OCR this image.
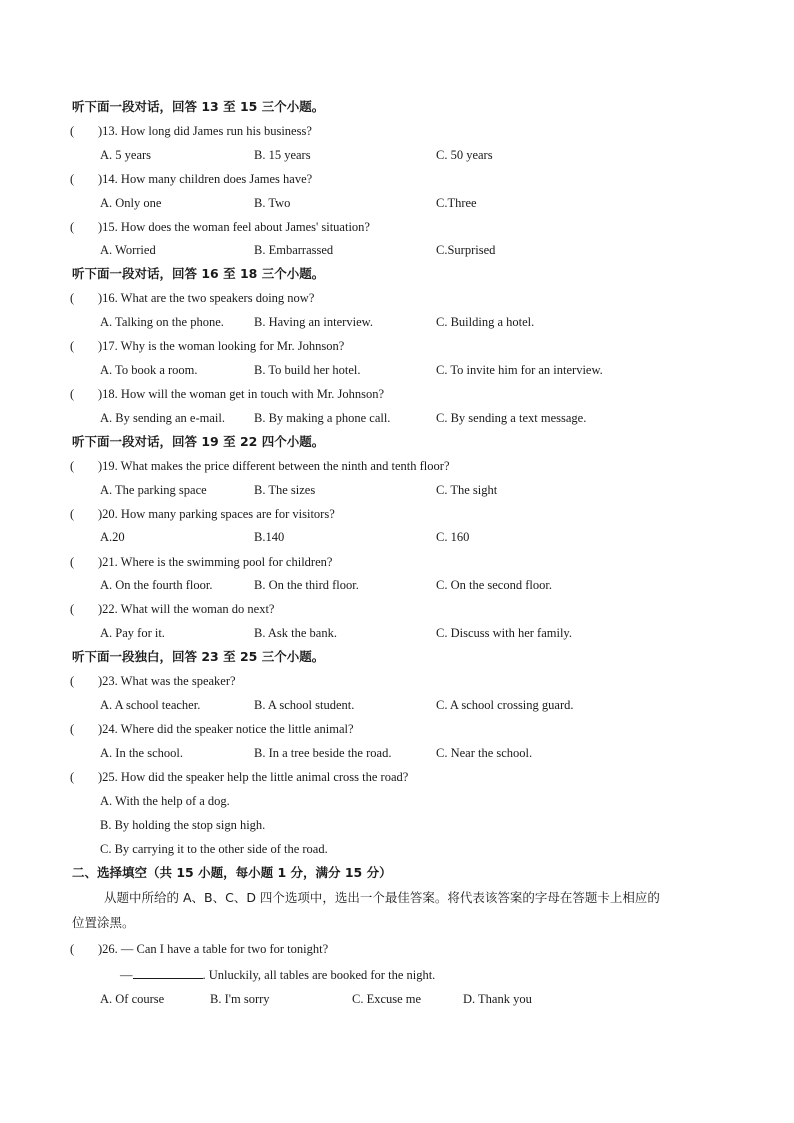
听下面一段对话，回答 13 至 15 三个小题。
( )13. How long did James run his business?
A. 5 years	B. 15 years	C. 50 years
( )14. How many children does James have?
A. Only one	B. Two	C.Three
( )15. How does the woman feel about James' situation?
A. Worried	B. Embarrassed	C.Surprised
听下面一段对话，回答 16 至 18 三个小题。
( )16. What are the two speakers doing now?
A. Talking on the phone. B. Having an interview.	C. Building a hotel.
( )17. Why is the woman looking for Mr. Johnson?
A. To book a room.	B. To build her hotel.	C. To invite him for an interview.
( )18. How will the woman get in touch with Mr. Johnson?
A. By sending an e-mail. B. By making a phone call.	C. By sending a text message.
听下面一段对话，回答 19 至 22 四个小题。
( )19. What makes the price different between the ninth and tenth floor?
A. The parking space	B. The sizes	C. The sight
( )20. How many parking spaces are for visitors?
A.20	B.140	C. 160
( )21. Where is the swimming pool for children?
A. On the fourth floor.	B. On the third floor.	C. On the second floor.
( )22. What will the woman do next?
A. Pay for it.	B. Ask the bank.	C. Discuss with her family.
听下面一段独白，回答 23 至 25 三个小题。
( )23. What was the speaker?
A. A school teacher.	B. A school student.	C. A school crossing guard.
( )24. Where did the speaker notice the little animal?
A. In the school.	B. In a tree beside the road.	C. Near the school.
( )25. How did the speaker help the little animal cross the road?
A. With the help of a dog.
B. By holding the stop sign high.
C. By carrying it to the other side of the road.
二、选择填空（共 15 小题，每小题 1 分，满分 15 分）
从题中所给的 A、B、C、D 四个选项中，选出一个最佳答案。将代表该答案的字母在答题卡上相应的
位置涂黑。
( )26. — Can I have a table for two for tonight?
—	. Unluckily, all tables are booked for the night.
A. Of course	B. I'm sorry	C. Excuse me	D. Thank you
